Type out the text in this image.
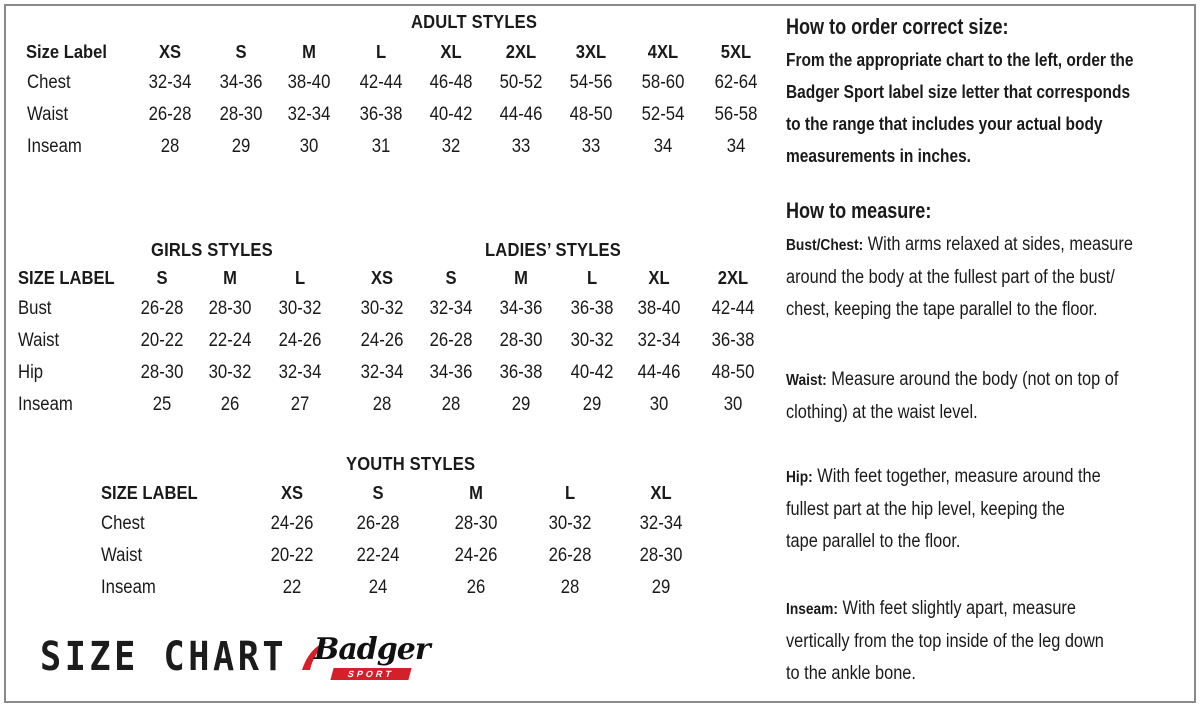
ADULT STYLES
Size Label	XS	S	M	L	XL	2XL	3XL	4XL	5XL
Chest	32-34	34-36	38-40	42-44	46-48	50-52	54-56	58-60	62-64
Waist	26-28	28-30	32-34	36-38	40-42	44-46	48-50	52-54	56-58
Inseam	28	29	30	31	32	33	33	34	34
GIRLS STYLES
SIZE LABEL	S	M	L
Bust	26-28	28-30	30-32
Waist	20-22	22-24	24-26
Hip	28-30	30-32	32-34
Inseam	25	26	27
LADIES’ STYLES
XS	S	M	L	XL	2XL
30-32	32-34	34-36	36-38	38-40	42-44
24-26	26-28	28-30	30-32	32-34	36-38
32-34	34-36	36-38	40-42	44-46	48-50
28	28	29	29	30	30
YOUTH STYLES
SIZE LABEL	XS	S	M	L	XL
Chest	24-26	26-28	28-30	30-32	32-34
Waist	20-22	22-24	24-26	26-28	28-30
Inseam	22	24	26	28	29
How to order correct size:
From the appropriate chart to the left, order the
Badger Sport label size letter that corresponds
to the range that includes your actual body
measurements in inches.
How to measure:
Bust/Chest: With arms relaxed at sides, measure
around the body at the fullest part of the bust/
chest, keeping the tape parallel to the floor.
Waist: Measure around the body (not on top of
clothing) at the waist level.
Hip: With feet together, measure around the
fullest part at the hip level, keeping the
tape parallel to the floor.
Inseam: With feet slightly apart, measure
vertically from the top inside of the leg down
to the ankle bone.
SIZE CHART Badger
SPORT
